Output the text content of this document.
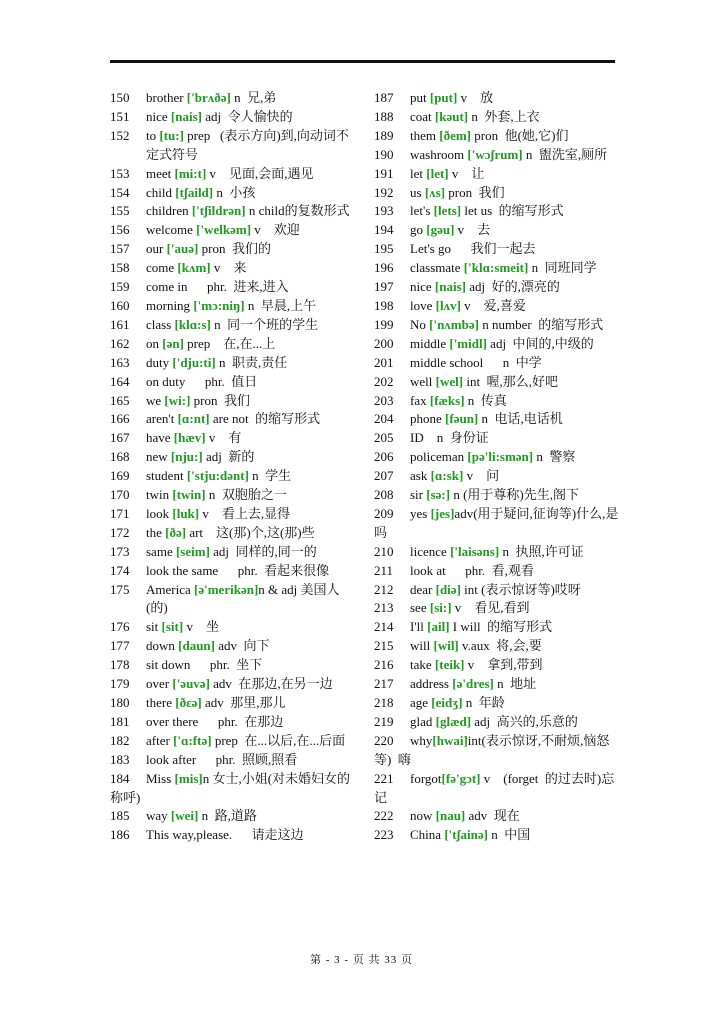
150	brother ['brʌðə] n  兄,弟
151	nice [nais] adj  令人愉快的
152	to [tu:] prep   (表示方向)到,向动词不定式符号
153	meet [mi:t] v    见面,会面,遇见
154	child [tʃaild] n  小孩
155	children ['tʃildrən] n child的复数形式
156	welcome ['welkəm] v    欢迎
157	our ['auə] pron  我们的
158	come [kʌm] v    来
159	come in      phr.  进来,进入
160	morning ['mɔ:niŋ] n  早晨,上午
161	class [klɑ:s] n  同一个班的学生
162	on [ən] prep    在,在...上
163	duty ['dju:ti] n  职责,责任
164	on duty      phr.  值日
165	we [wi:] pron  我们
166	aren't [ɑ:nt] are not  的缩写形式
167	have [hæv] v    有
168	new [nju:] adj  新的
169	student ['stju:dənt] n  学生
170	twin [twin] n  双胞胎之一
171	look [luk] v    看上去,显得
172	the [ðə] art    这(那)个,这(那)些
173	same [seim] adj  同样的,同一的
174	look the same      phr.  看起来很像
175	America [ə'merikən]n & adj 美国人(的)
176	sit [sit] v    坐
177	down [daun] adv  向下
178	sit down      phr.  坐下
179	over ['əuvə] adv  在那边,在另一边
180	there [ðεə] adv  那里,那儿
181	over there      phr.  在那边
182 after ['ɑ:ftə] prep  在...以后,在...后面
183	look after      phr.  照顾,照看
184 Miss [mis]n 女士,小姐(对未婚妇女的称呼)
185	way [wei] n  路,道路
186	This way,please.      请走这边
187	put [put] v    放
188	coat [kəut] n  外套,上衣
189	them [ðem] pron  他(她,它)们
190 washroom ['wɔʃrum] n  盥洗室,厕所
191	let [let] v    让
192	us [ʌs] pron  我们
193	let's [lets] let us  的缩写形式
194	go [gəu] v    去
195	Let's go      我们一起去
196 classmate ['klɑ:smeit] n  同班同学
197	nice [nais] adj  好的,漂亮的
198	love [lʌv] v    爱,喜爱
199 No ['nʌmbə] n number  的缩写形式
200 middle ['midl] adj  中间的,中级的
201	middle school      n  中学
202	well [wel] int  喔,那么,好吧
203	fax [fæks] n  传真
204	phone [fəun] n  电话,电话机
205	ID    n  身份证
206	policeman [pə'li:smən] n  警察
207	ask [ɑ:sk] v    问
208	sir [sə:] n (用于尊称)先生,阁下
209 yes [jes]adv(用于疑问,征询等)什么,是吗
210	licence ['laisəns] n  执照,许可证
211	look at      phr.  看,观看
212	dear [diə] int (表示惊讶等)哎呀
213	see [si:] v    看见,看到
214	I'll [ail] I will  的缩写形式
215	will [wil] v.aux  将,会,要
216	take [teik] v    拿到,带到
217	address [ə'dres] n  地址
218	age [eidʒ] n  年龄
219	glad [glæd] adj  高兴的,乐意的
220 why[hwai]int(表示惊讶,不耐烦,恼怒等)  嗨
221 forgot[fə'gɔt] v    (forget  的过去时)忘记
222	now [nau] adv  现在
223	China ['tʃainə] n  中国
第 - 3 - 页 共 33 页
